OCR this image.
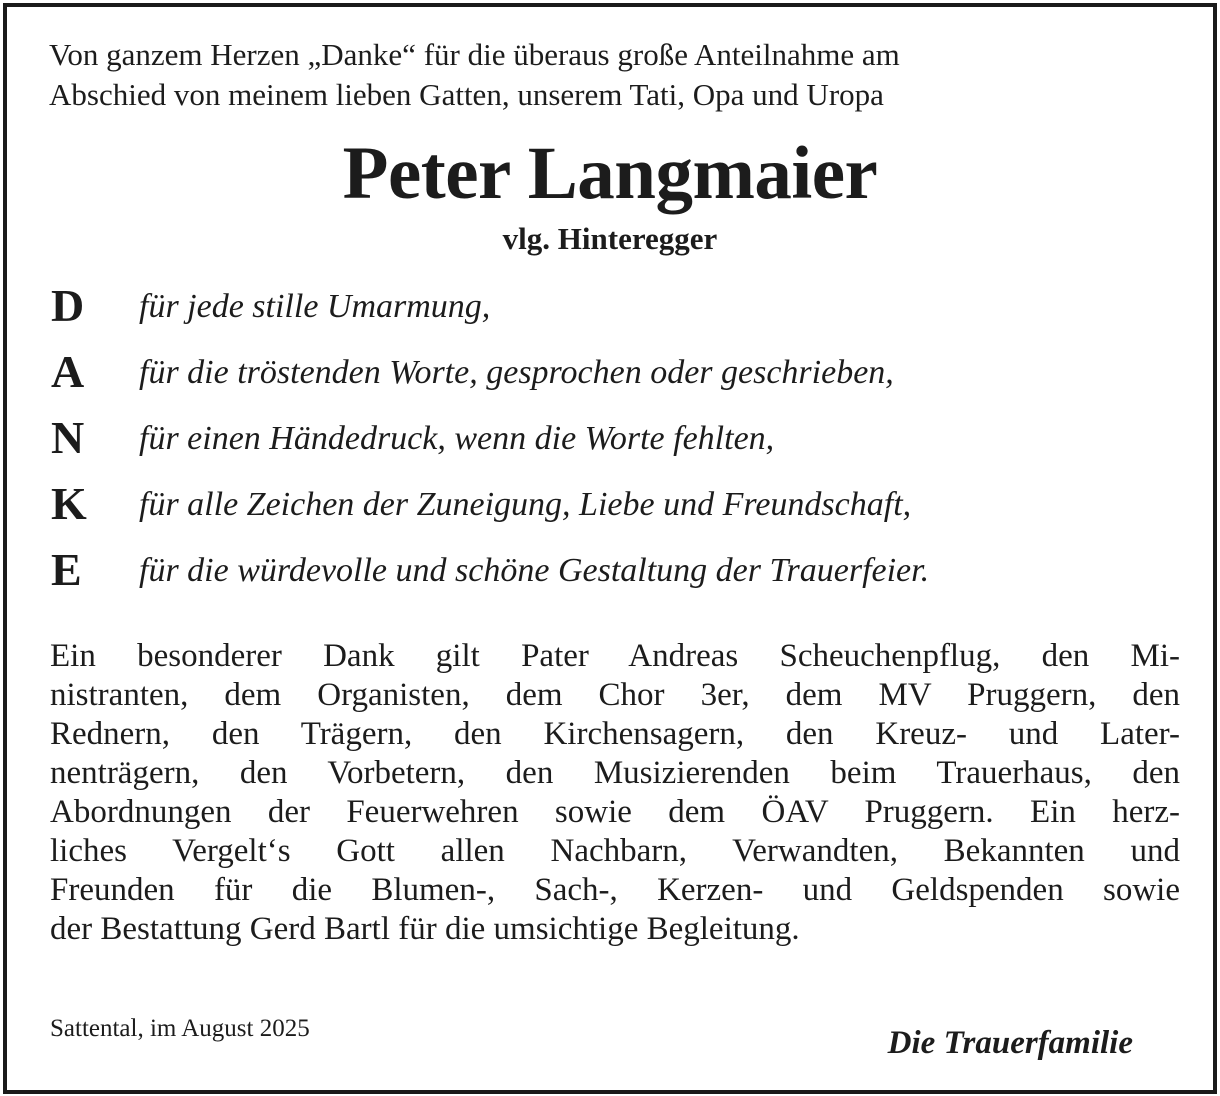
Von ganzem Herzen „Danke“ für die überaus große Anteilnahme am
Abschied von meinem lieben Gatten, unserem Tati, Opa und Uropa
Peter Langmaier
vlg. Hinteregger
D	für jede stille Umarmung,
A	für die tröstenden Worte, gesprochen oder geschrieben,
N	für einen Händedruck, wenn die Worte fehlten,
K	für alle Zeichen der Zuneigung, Liebe und Freundschaft,
E	für die würdevolle und schöne Gestaltung der Trauerfeier.
Ein besonderer Dank gilt Pater Andreas Scheuchenpflug, den Mi-
nistranten, dem Organisten, dem Chor 3er, dem MV Pruggern, den
Rednern, den Trägern, den Kirchensagern, den Kreuz- und Later-
nenträgern, den Vorbetern, den Musizierenden beim Trauerhaus, den
Abordnungen der Feuerwehren sowie dem ÖAV Pruggern. Ein herz-
liches Vergelt‘s Gott allen Nachbarn, Verwandten, Bekannten und
Freunden für die Blumen-, Sach-, Kerzen- und Geldspenden sowie
der Bestattung Gerd Bartl für die umsichtige Begleitung.
Sattental, im August 2025	Die Trauerfamilie
